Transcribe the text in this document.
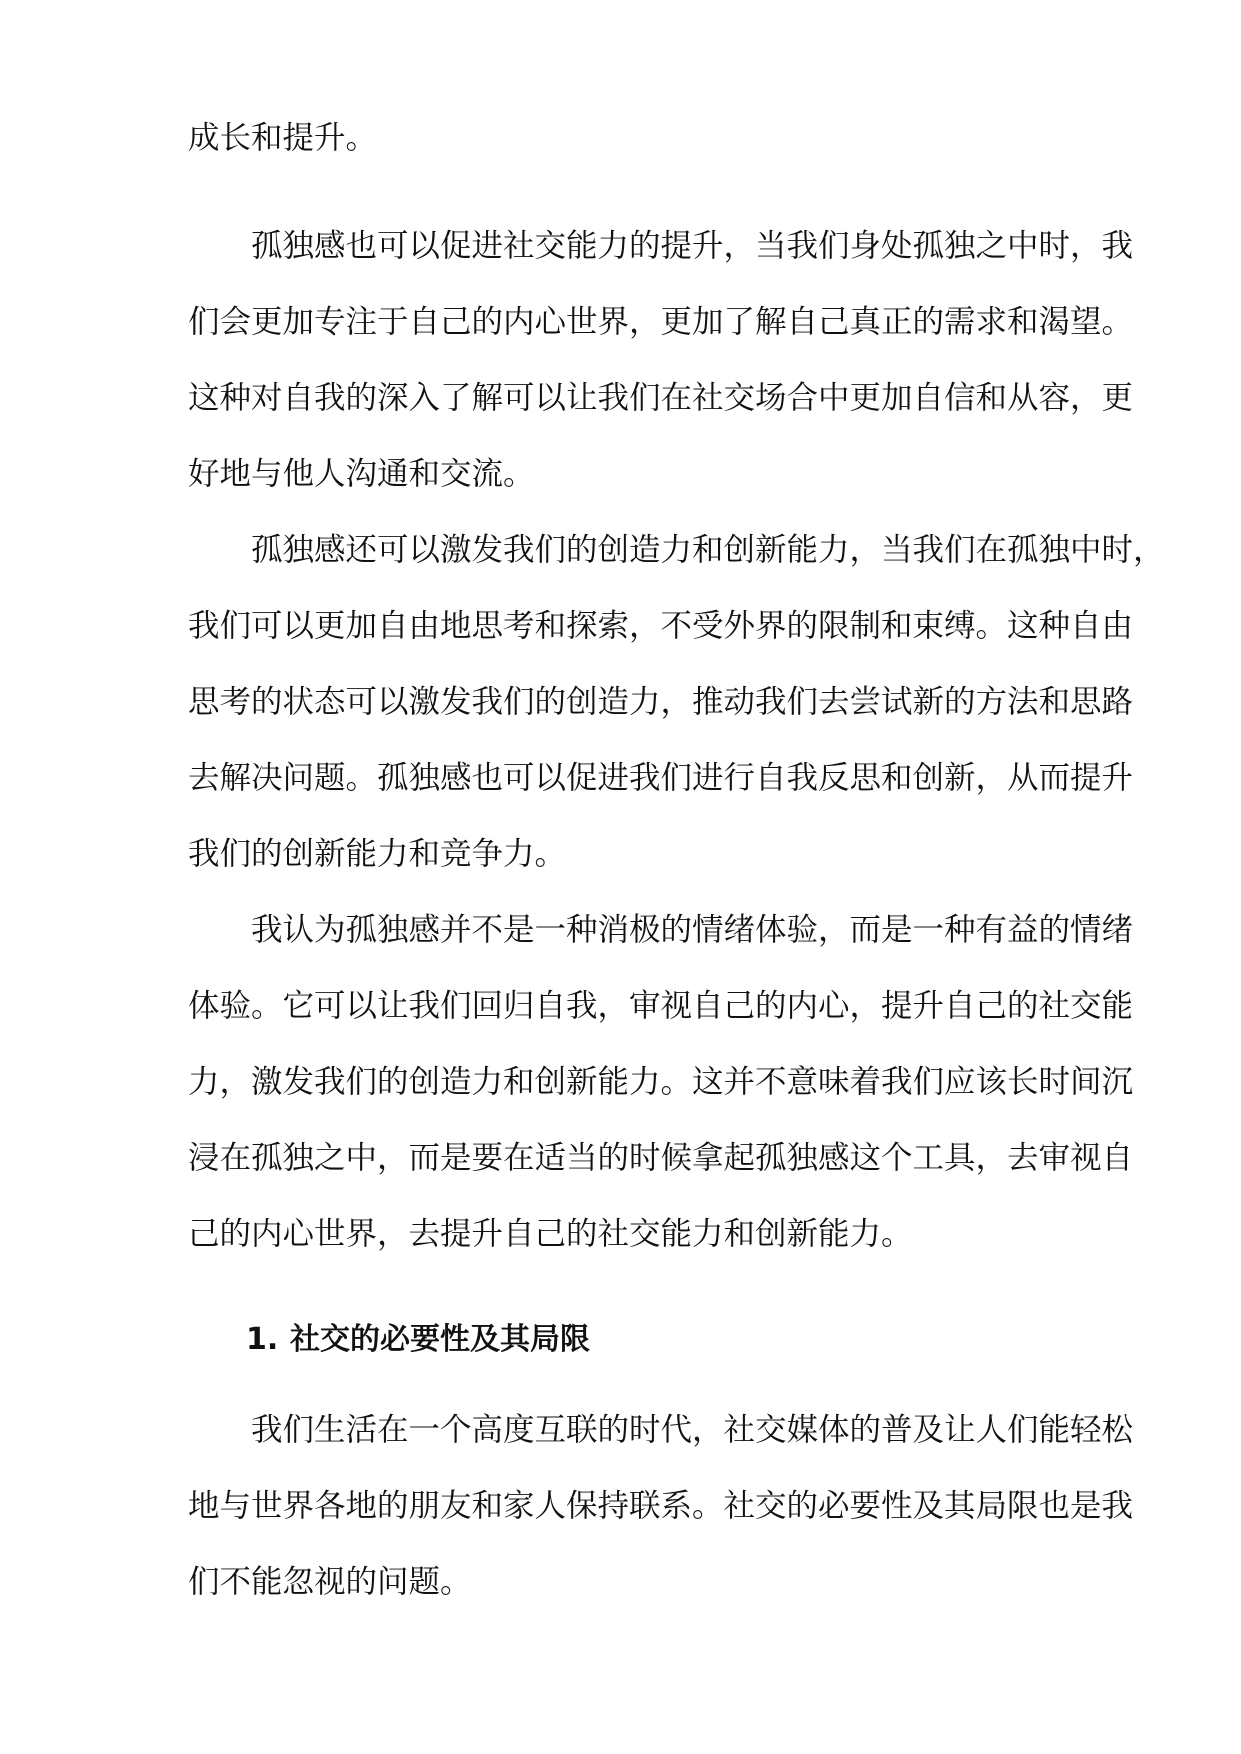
成长和提升。
孤独感也可以促进社交能力的提升，当我们身处孤独之中时，我
们会更加专注于自己的内心世界，更加了解自己真正的需求和渴望。
这种对自我的深入了解可以让我们在社交场合中更加自信和从容，更
好地与他人沟通和交流。
孤独感还可以激发我们的创造力和创新能力，当我们在孤独中时，
我们可以更加自由地思考和探索，不受外界的限制和束缚。这种自由
思考的状态可以激发我们的创造力，推动我们去尝试新的方法和思路
去解决问题。孤独感也可以促进我们进行自我反思和创新，从而提升
我们的创新能力和竞争力。
我认为孤独感并不是一种消极的情绪体验，而是一种有益的情绪
体验。它可以让我们回归自我，审视自己的内心，提升自己的社交能
力，激发我们的创造力和创新能力。这并不意味着我们应该长时间沉
浸在孤独之中，而是要在适当的时候拿起孤独感这个工具，去审视自
己的内心世界，去提升自己的社交能力和创新能力。
1. 社交的必要性及其局限
我们生活在一个高度互联的时代，社交媒体的普及让人们能轻松
地与世界各地的朋友和家人保持联系。社交的必要性及其局限也是我
们不能忽视的问题。
